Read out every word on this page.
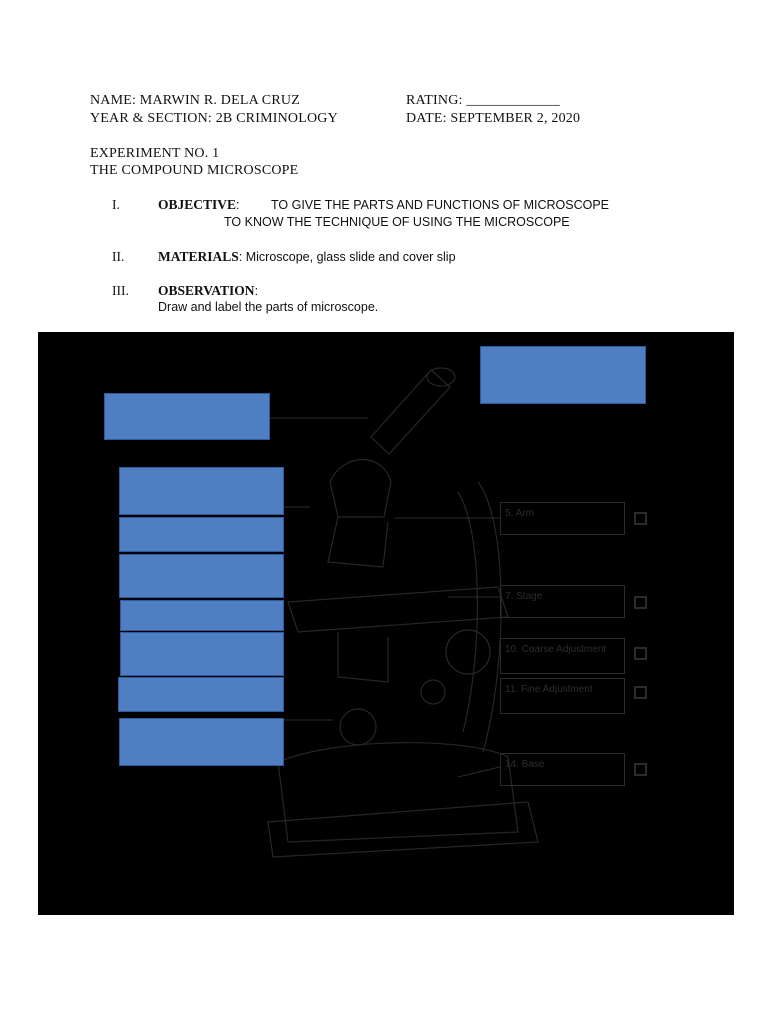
NAME: MARWIN R. DELA CRUZ	RATING: _____________
YEAR & SECTION: 2B CRIMINOLOGY	DATE: SEPTEMBER 2, 2020
EXPERIMENT NO. 1
THE COMPOUND MICROSCOPE
I.	OBJECTIVE:	TO GIVE THE PARTS AND FUNCTIONS OF MICROSCOPE
TO KNOW THE TECHNIQUE OF USING THE MICROSCOPE
II. MATERIALS: Microscope, glass slide and cover slip
III. OBSERVATION:
Draw and label the parts of microscope.
5. Arm
7. Stage
10. Coarse Adjustment
11. Fine Adjustment
14. Base
